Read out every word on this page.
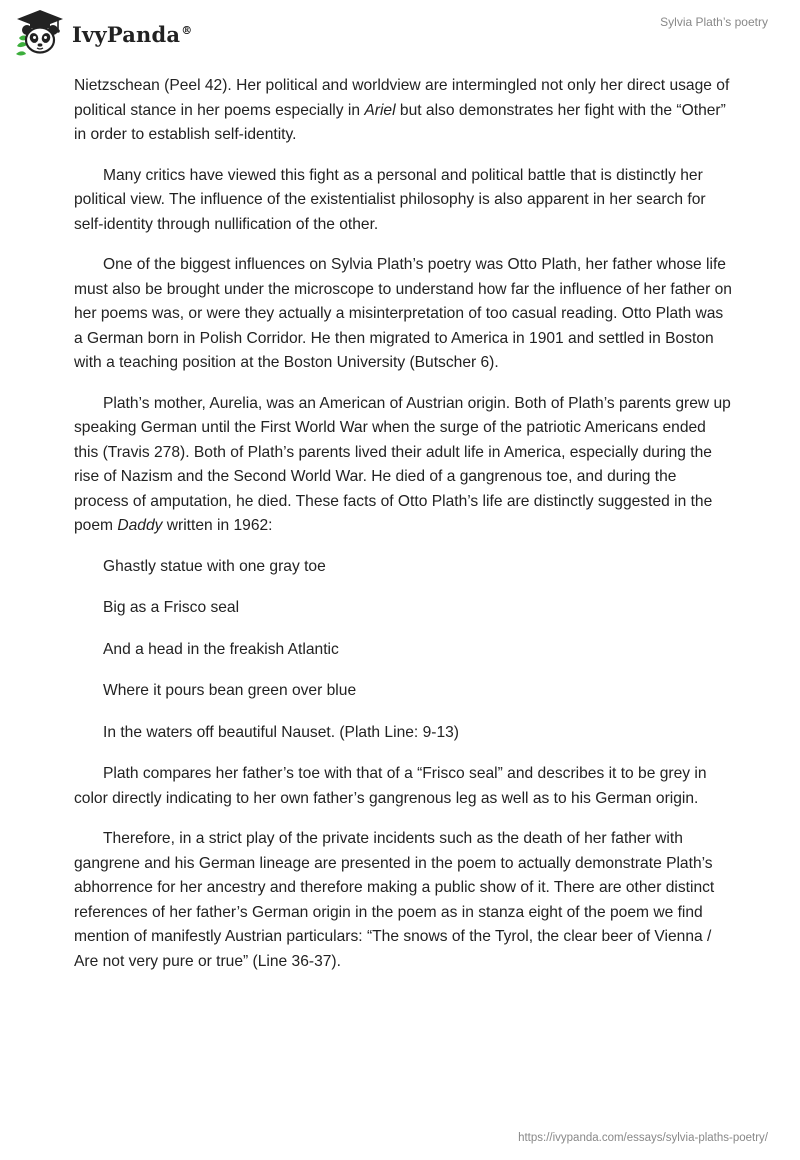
IvyPanda®
Sylvia Plath’s poetry

Nietzschean (Peel 42). Her political and worldview are intermingled not only her direct usage of political stance in her poems especially in Ariel but also demonstrates her fight with the “Other” in order to establish self-identity.

Many critics have viewed this fight as a personal and political battle that is distinctly her political view. The influence of the existentialist philosophy is also apparent in her search for self-identity through nullification of the other.

One of the biggest influences on Sylvia Plath’s poetry was Otto Plath, her father whose life must also be brought under the microscope to understand how far the influence of her father on her poems was, or were they actually a misinterpretation of too casual reading. Otto Plath was a German born in Polish Corridor. He then migrated to America in 1901 and settled in Boston with a teaching position at the Boston University (Butscher 6).

Plath’s mother, Aurelia, was an American of Austrian origin. Both of Plath’s parents grew up speaking German until the First World War when the surge of the patriotic Americans ended this (Travis 278). Both of Plath’s parents lived their adult life in America, especially during the rise of Nazism and the Second World War. He died of a gangrenous toe, and during the process of amputation, he died. These facts of Otto Plath’s life are distinctly suggested in the poem Daddy written in 1962:

Ghastly statue with one gray toe

Big as a Frisco seal

And a head in the freakish Atlantic

Where it pours bean green over blue

In the waters off beautiful Nauset. (Plath Line: 9-13)

Plath compares her father’s toe with that of a “Frisco seal” and describes it to be grey in color directly indicating to her own father’s gangrenous leg as well as to his German origin.

Therefore, in a strict play of the private incidents such as the death of her father with gangrene and his German lineage are presented in the poem to actually demonstrate Plath’s abhorrence for her ancestry and therefore making a public show of it. There are other distinct references of her father’s German origin in the poem as in stanza eight of the poem we find mention of manifestly Austrian particulars: “The snows of the Tyrol, the clear beer of Vienna / Are not very pure or true” (Line 36-37).

https://ivypanda.com/essays/sylvia-plaths-poetry/
